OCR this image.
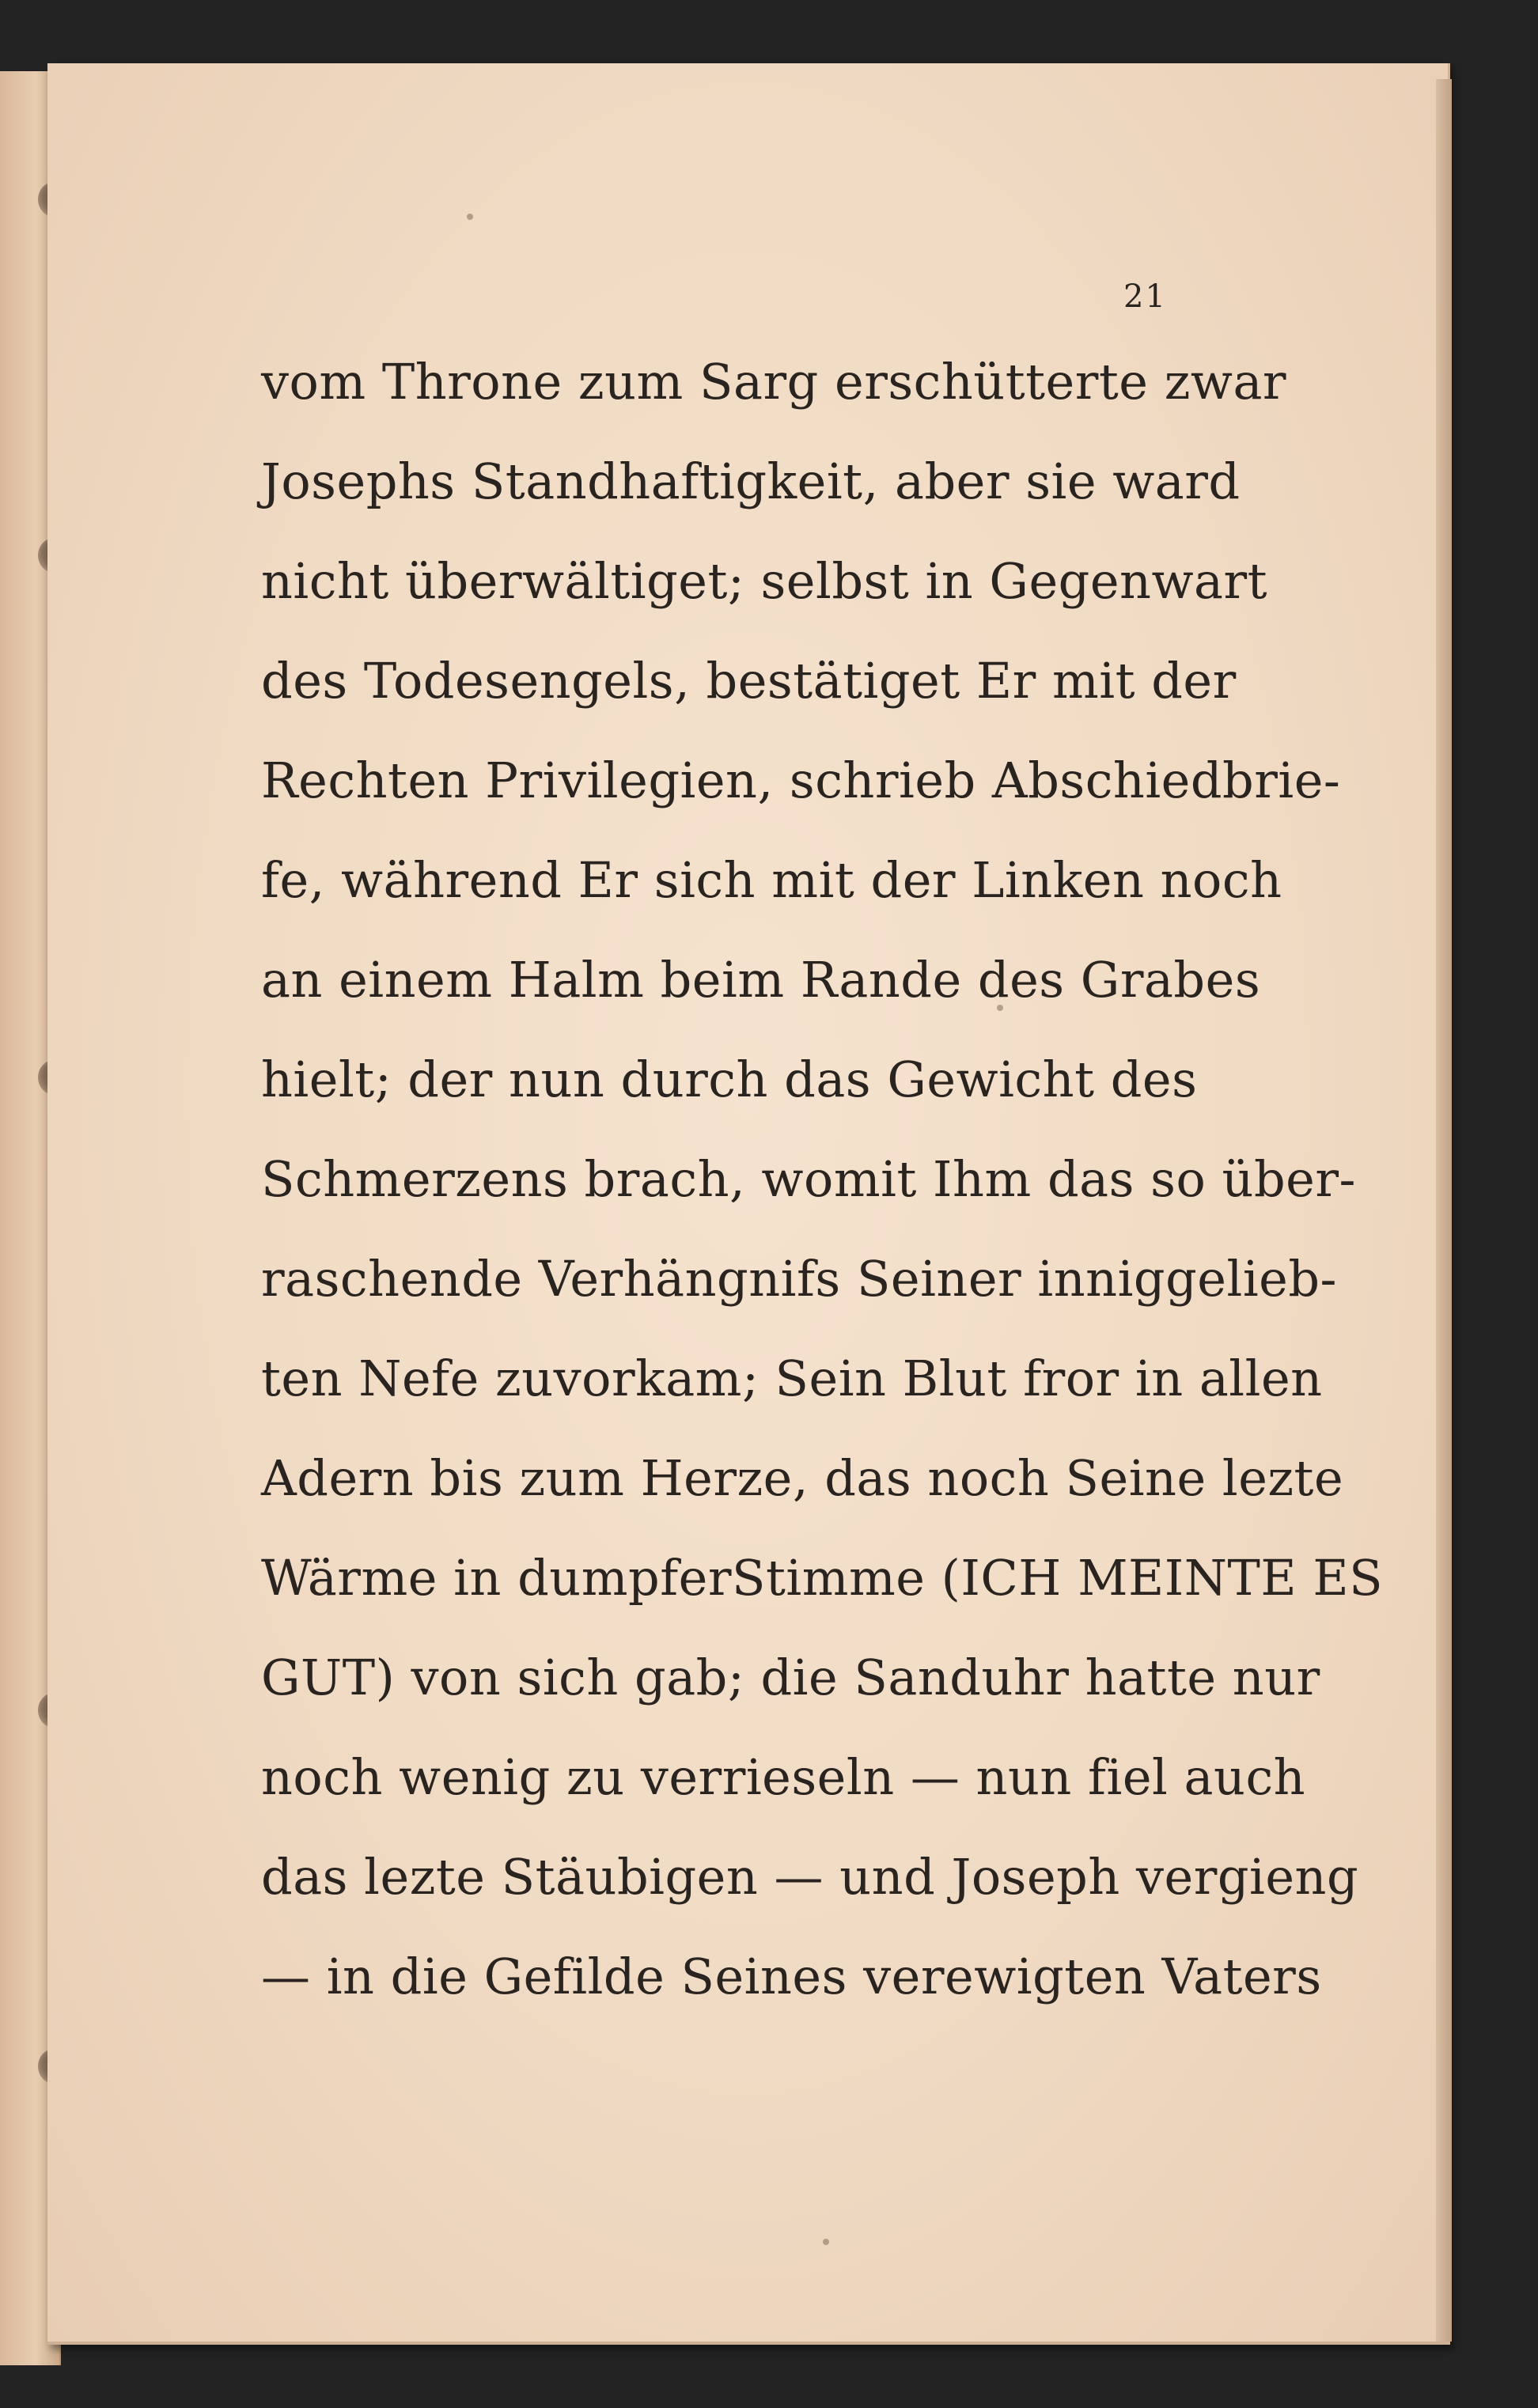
21
vom Throne zum Sarg erschütterte zwar
Josephs Standhaftigkeit, aber sie ward
nicht überwältiget; selbst in Gegenwart
des Todesengels, bestätiget Er mit der
Rechten Privilegien, schrieb Abschiedbrie-
fe, während Er sich mit der Linken noch
an einem Halm beim Rande des Grabes
hielt; der nun durch das Gewicht des
Schmerzens brach, womit Ihm das so über-
raschende Verhängnifs Seiner inniggelieb-
ten Nefe zuvorkam; Sein Blut fror in allen
Adern bis zum Herze, das noch Seine lezte
Wärme in dumpferStimme (ICH MEINTE ES
GUT) von sich gab; die Sanduhr hatte nur
noch wenig zu verrieseln — nun fiel auch
das lezte Stäubigen — und Joseph vergieng
— in die Gefilde Seines verewigten Vaters
